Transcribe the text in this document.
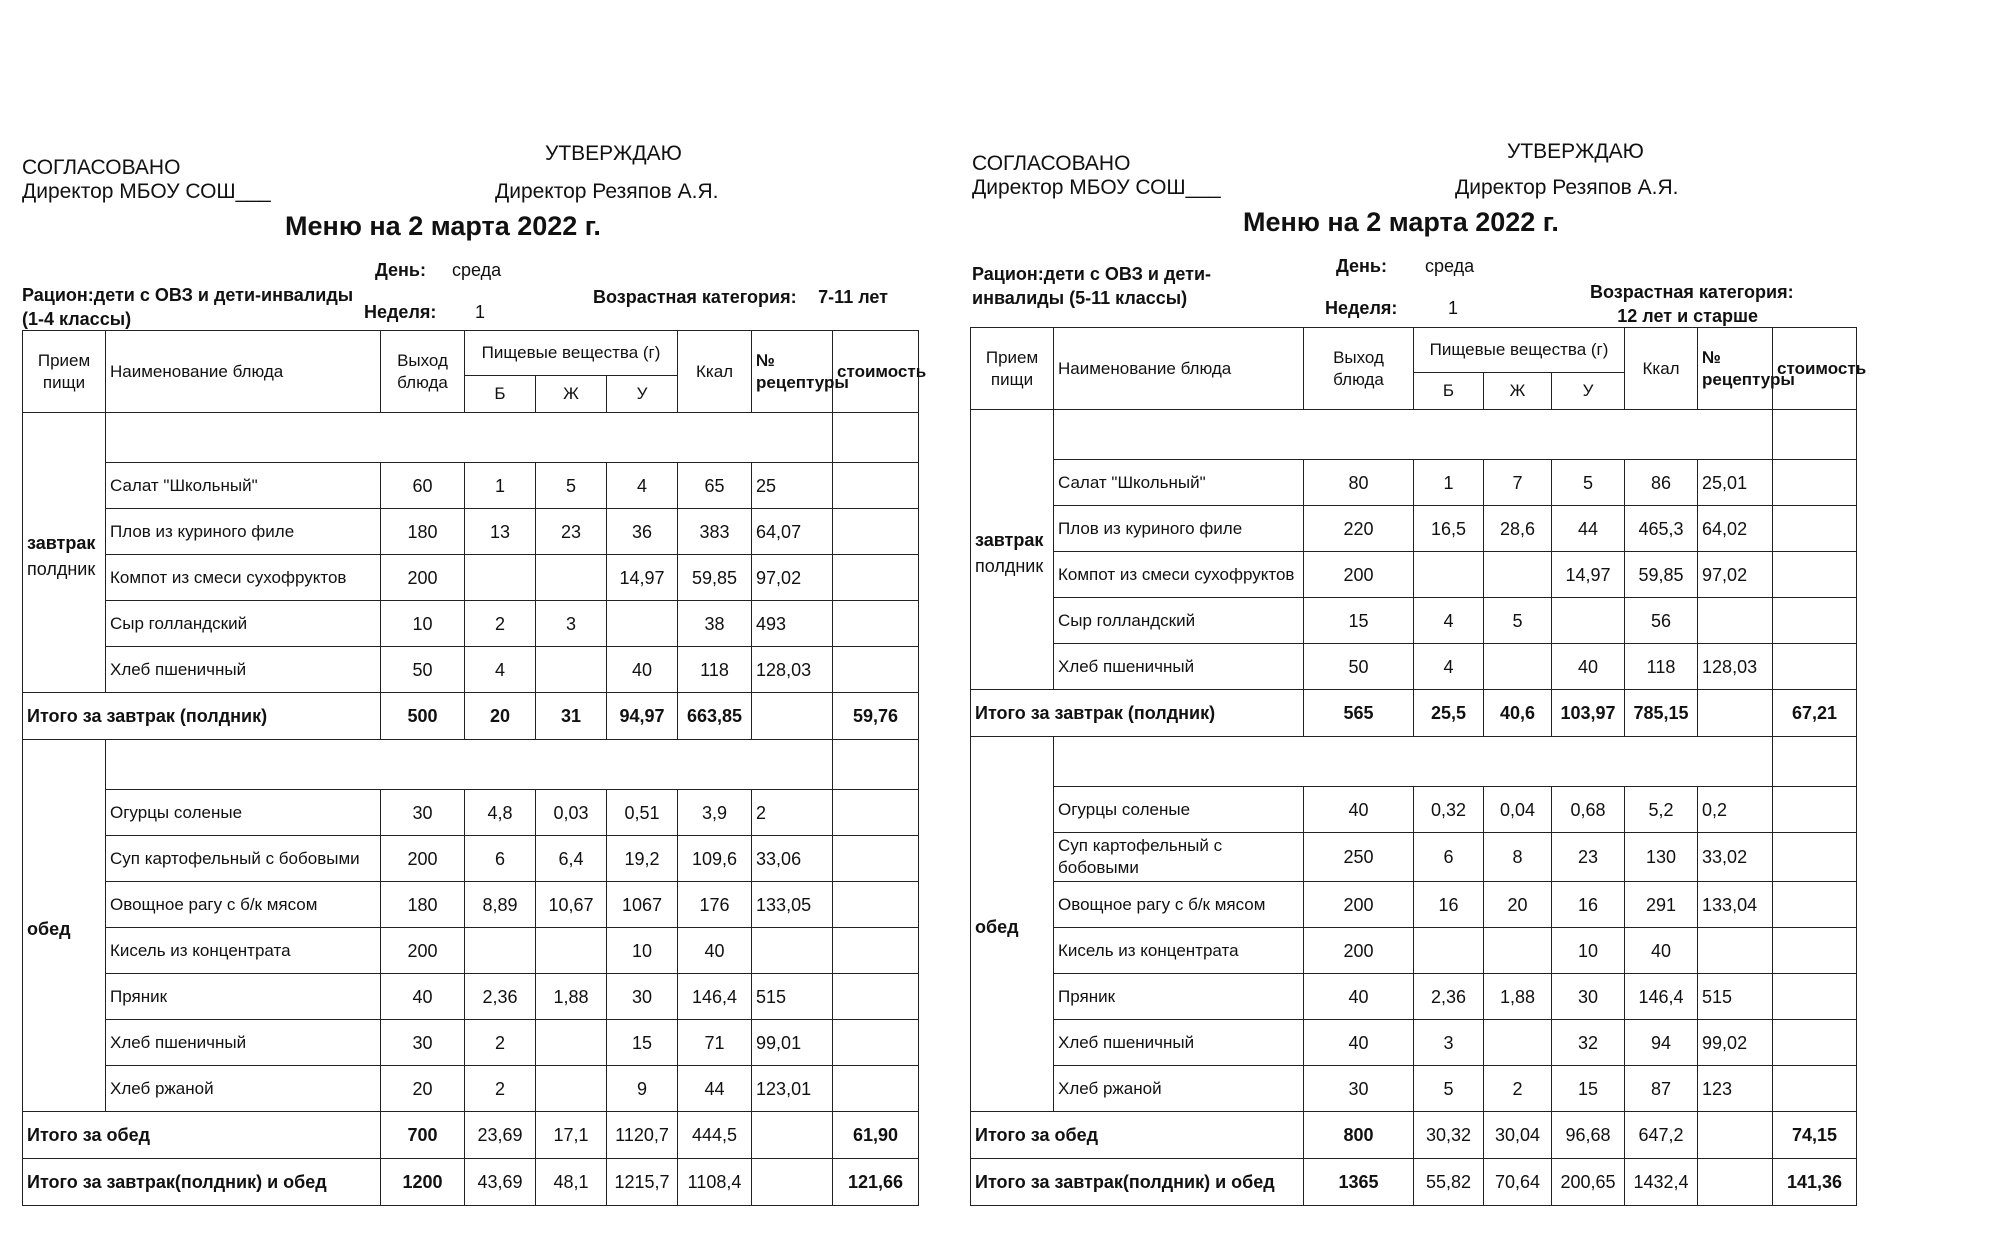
СОГЛАСОВАНО
Директор МБОУ СОШ___
УТВЕРЖДАЮ
Директор Резяпов А.Я.
Меню на 2 марта 2022 г.
Рацион:дети с ОВЗ и дети-инвалиды (1-4 классы)
День: среда
Неделя: 1
Возрастная категория:	7-11 лет
Прием пищи	Наименование блюда	Выход блюда	Пищевые вещества (г)			Ккал	№ рецептуры	стоимость
			Б	Ж	У			

завтрак
полдник								

	Салат "Школьный"	60	1	5	4	65	25	
	Плов из куриного филе	180	13	23	36	383	64,07	
	Компот из смеси сухофруктов	200			14,97	59,85	97,02	
	Сыр голландский	10	2	3		38	493	
	Хлеб пшеничный	50	4		40	118	128,03	
Итого за завтрак (полдник)		500	20	31	94,97	663,85		59,76

обед								

	Огурцы соленые	30	4,8	0,03	0,51	3,9	2	
	Суп картофельный с бобовыми	200	6	6,4	19,2	109,6	33,06	
	Овощное рагу с б/к мясом	180	8,89	10,67	1067	176	133,05	
	Кисель из концентрата	200			10	40		
	Пряник	40	2,36	1,88	30	146,4	515	
	Хлеб пшеничный	30	2		15	71	99,01	
	Хлеб ржаной	20	2		9	44	123,01	
Итого за обед		700	23,69	17,1	1120,7	444,5		61,90
Итого за завтрак(полдник) и обед		1200	43,69	48,1	1215,7	1108,4		121,66
СОГЛАСОВАНО
Директор МБОУ СОШ___
УТВЕРЖДАЮ
Директор Резяпов А.Я.
Меню на 2 марта 2022 г.
Рацион:дети с ОВЗ и дети-инвалиды (5-11 классы)
День: среда
Неделя:	1
Возрастная категория:
12 лет и старше
Прием пищи	Наименование блюда	Выход блюда	Пищевые вещества (г)			Ккал	№ рецептуры	стоимость
			Б	Ж	У			

завтрак
полдник								

	Салат "Школьный"	80	1	7	5	86	25,01	
	Плов из куриного филе	220	16,5	28,6	44	465,3	64,02	
	Компот из смеси сухофруктов	200			14,97	59,85	97,02	
	Сыр голландский	15	4	5		56		
	Хлеб пшеничный	50	4		40	118	128,03	
Итого за завтрак (полдник)		565	25,5	40,6	103,97	785,15		67,21

обед								

	Огурцы соленые	40	0,32	0,04	0,68	5,2	0,2	
	Суп картофельный с бобовыми	250	6	8	23	130	33,02	
	Овощное рагу с б/к мясом	200	16	20	16	291	133,04	
	Кисель из концентрата	200			10	40		
	Пряник	40	2,36	1,88	30	146,4	515	
	Хлеб пшеничный	40	3		32	94	99,02	
	Хлеб ржаной	30	5	2	15	87	123	
Итого за обед		800	30,32	30,04	96,68	647,2		74,15
Итого за завтрак(полдник) и обед		1365	55,82	70,64	200,65	1432,4		141,36
